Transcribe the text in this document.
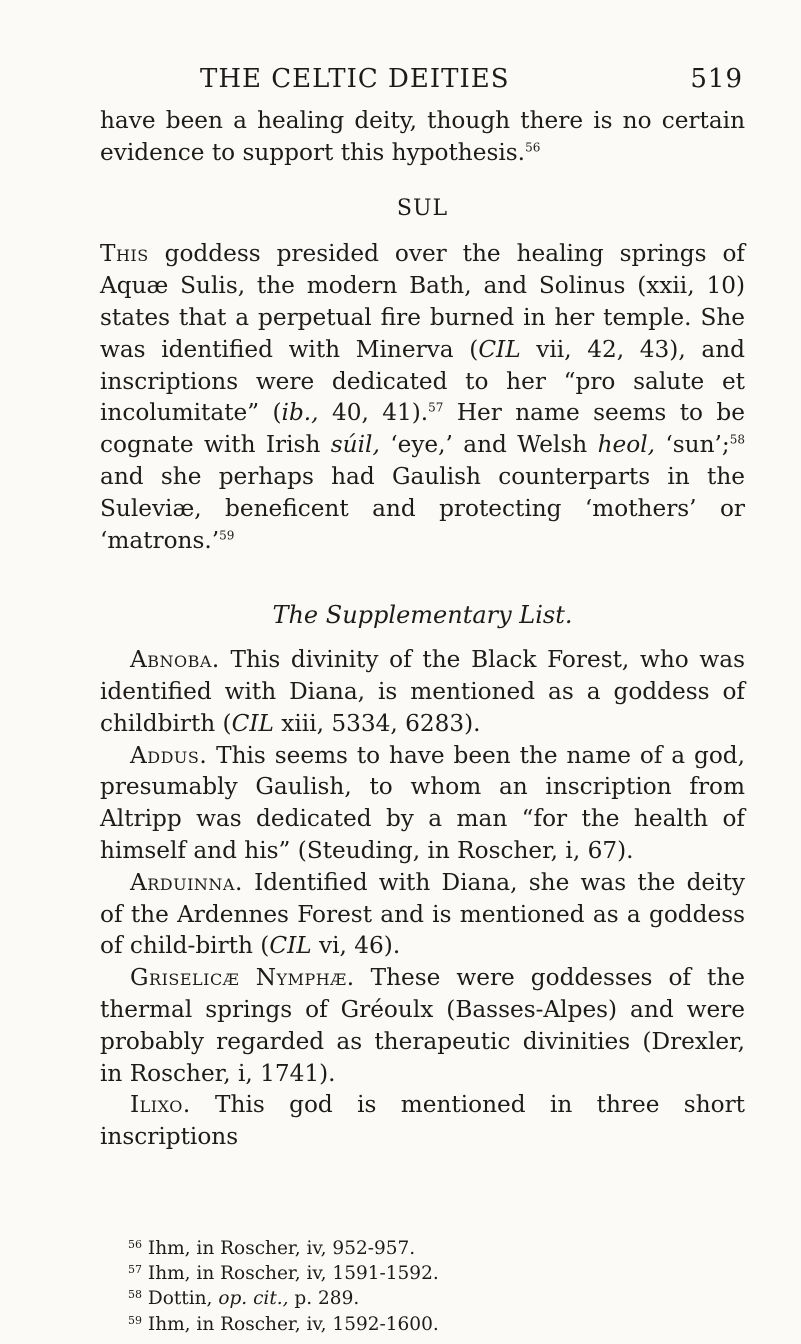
THE CELTIC DEITIES	519

have been a healing deity, though there is no certain evidence to support this hypothesis.$^{56}$

SUL

This goddess presided over the healing springs of Aquæ Sulis, the modern Bath, and Solinus (xxii, 10) states that a perpetual fire burned in her temple. She was identified with Minerva (CIL vii, 42, 43), and inscriptions were dedicated to her “pro salute et incolumitate” (ib., 40, 41).$^{57}$ Her name seems to be cognate with Irish súil, ‘eye,’ and Welsh heol, ‘sun’;$^{58}$ and she perhaps had Gaulish counterparts in the Suleviæ, beneficent and protecting ‘mothers’ or ‘matrons.’$^{59}$

The Supplementary List.

Abnoba. This divinity of the Black Forest, who was identified with Diana, is mentioned as a goddess of childbirth (CIL xiii, 5334, 6283).

Addus. This seems to have been the name of a god, presumably Gaulish, to whom an inscription from Altripp was dedicated by a man “for the health of himself and his” (Steuding, in Roscher, i, 67).

Arduinna. Identified with Diana, she was the deity of the Ardennes Forest and is mentioned as a goddess of child-birth (CIL vi, 46).

Griselicæ Nymphæ. These were goddesses of the thermal springs of Gréoulx (Basses-Alpes) and were probably regarded as therapeutic divinities (Drexler, in Roscher, i, 1741).

Ilixo. This god is mentioned in three short inscriptions

$^{56}$ Ihm, in Roscher, iv, 952-957.
$^{57}$ Ihm, in Roscher, iv, 1591-1592.
$^{58}$ Dottin, op. cit., p. 289.
$^{59}$ Ihm, in Roscher, iv, 1592-1600.
